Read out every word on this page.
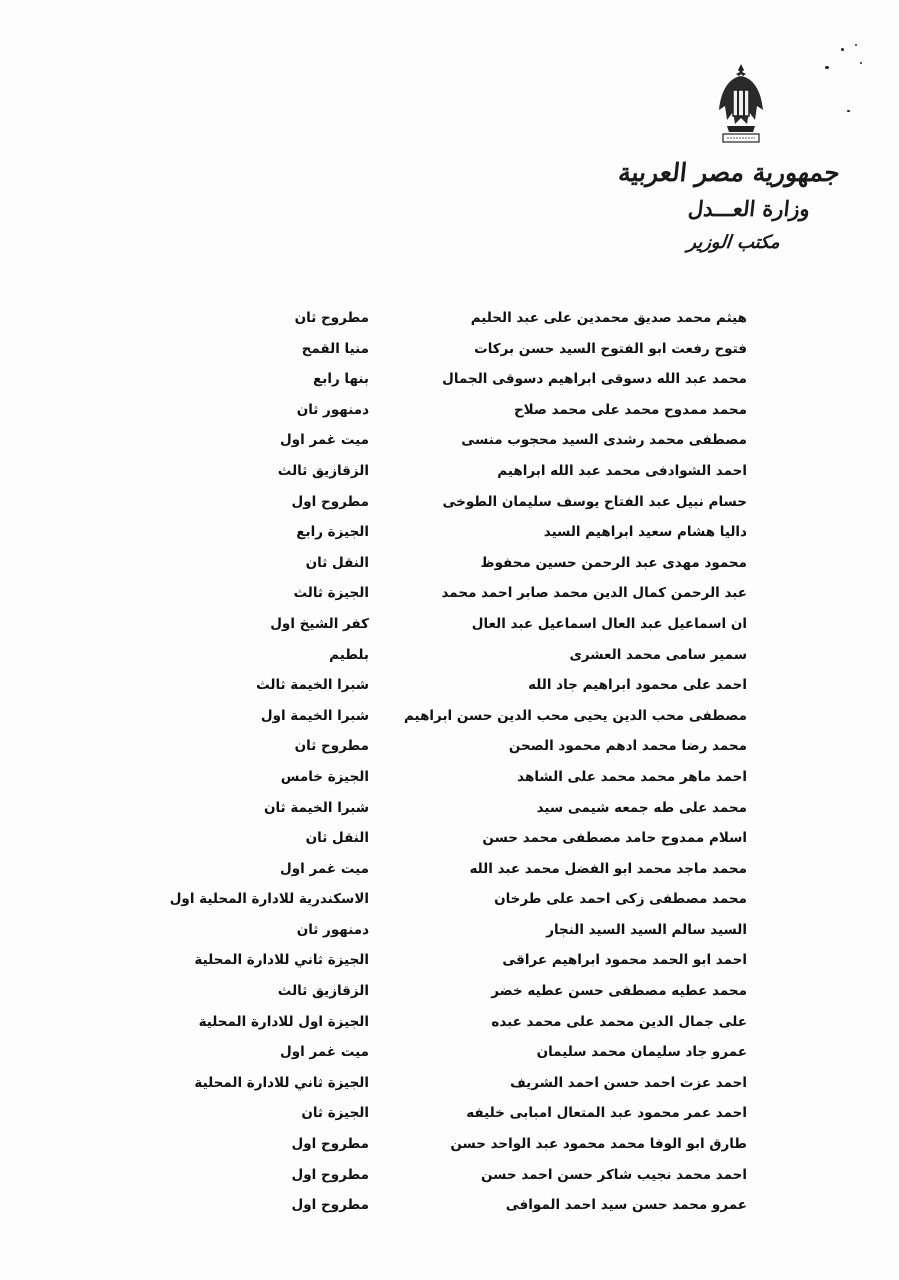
جمهورية مصر العربية
وزارة العـــدل
مكتب الوزير
هيثم محمد صديق محمدين على عبد الحليم
مطروح ثان
فتوح رفعت ابو الفتوح السيد حسن بركات
منيا القمح
محمد عبد الله دسوقى ابراهيم دسوقى الجمال
بنها رابع
محمد ممدوح محمد على محمد صلاح
دمنهور ثان
مصطفى محمد رشدى السيد محجوب منسى
ميت غمر اول
احمد الشوادفى محمد عبد الله ابراهيم
الزقازيق ثالث
حسام نبيل عبد الفتاح يوسف سليمان الطوخى
مطروح اول
داليا هشام سعيد ابراهيم السيد
الجيزة رابع
محمود مهدى عبد الرحمن حسين محفوظ
النقل ثان
عبد الرحمن كمال الدين محمد صابر احمد محمد
الجيزة ثالث
ان اسماعيل عبد العال اسماعيل عبد العال
كفر الشيخ اول
سمير سامى محمد العشرى
بلطيم
احمد على محمود ابراهيم جاد الله
شبرا الخيمة ثالث
مصطفى محب الدين يحيى محب الدين حسن ابراهيم
شبرا الخيمة اول
محمد رضا محمد ادهم محمود الصحن
مطروح ثان
احمد ماهر محمد محمد على الشاهد
الجيزة خامس
محمد على طه جمعه شيمى سيد
شبرا الخيمة ثان
اسلام ممدوح حامد مصطفى محمد حسن
النقل ثان
محمد ماجد محمد ابو الفضل محمد عبد الله
ميت غمر اول
محمد مصطفى زكى احمد على طرخان
الاسكندرية للادارة المحلية اول
السيد سالم السيد السيد النجار
دمنهور ثان
احمد ابو الحمد محمود ابراهيم عراقى
الجيزة ثاني للادارة المحلية
محمد عطيه مصطفى حسن عطيه خضر
الزقازيق ثالث
على جمال الدين محمد على محمد عبده
الجيزة اول للادارة المحلية
عمرو جاد سليمان محمد سليمان
ميت غمر اول
احمد عزت احمد حسن احمد الشريف
الجيزة ثاني للادارة المحلية
احمد عمر محمود عبد المتعال امبابى خليفه
الجيزة ثان
طارق ابو الوفا محمد محمود عبد الواحد حسن
مطروح اول
احمد محمد نجيب شاكر حسن احمد حسن
مطروح اول
عمرو محمد حسن سيد احمد الموافى
مطروح اول
